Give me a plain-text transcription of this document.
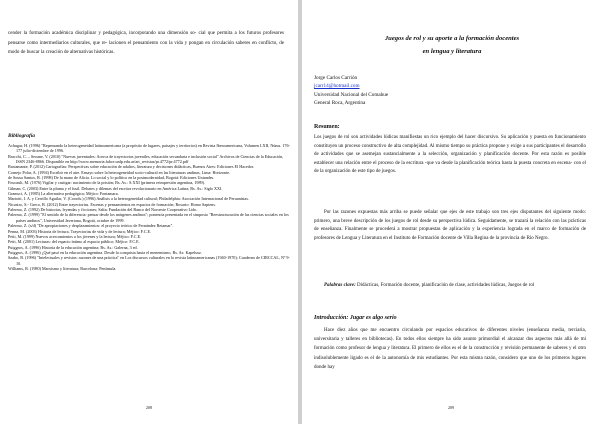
cender la formación académica disciplinar y pedagógica, incorporando una dimensión so- cial que permita a los futuros profesores pensarse como intermediarios culturales, que re- lacionen el pensamiento con la vida y pongan en circulación saberes en conflicto, de modo de buscar la creación de alternativas históricas.
Bibliografía
Achugar, H. (1996) "Repensando la heterogeneidad latinoamericana (a propósito de lugares, paisajes y territorios) en Revista Iberoamericana, Volumen LXII, Núms. 176-177 julio-diciembre de 1996.
Bracchi, C. – Seoane, V. (2010) "Nuevas juventudes: Acerca de trayectorias juveniles, educación secundaria e inclusión social" Archivos de Ciencias de la Educación, ISSN 2346-8866. Disponible en http://www.memoria.fahce.unlp.edu.ar/art_revistas/pr.4772/pr.4772.pdf
Bustamante, P. (2012) Cartografías: Perspectivas sobre educación de adultos, literatura y decisiones didácticas, Buenos Aires: Ediciones El Hacedor.
Cornejo Polar, A. (1994) Escribir en el aire. Ensayo sobre la heterogeneidad socio-cultural en las literaturas andinas, Lima: Horizonte.
de Sousa Santos, B. (1998) De la mano de Alicia. Lo social y lo político en la postmodernidad, Bogotá: Ediciones Uniandes.
Foucault, M. (1976) Vigilar y castigar: nacimiento de la prisión; Bs. As.: S.XXI (primera reimpresión argentina, 1989).
Gilman, C. (2003) Entre la pluma y el fusil. Debates y dilemas del escritor revolucionario en América Latina; Bs. As.: Siglo XXI.
Gramsci, A. (1985) La alternativa pedagógica; Méjico: Fontamara.
Mariotti, I. A. y Cerrillo Aguilar, V. (Coords.) (1996) Análisis a la heterogeneidad cultural; Philadelphia: Asociación Internacional de Peruanistas.
Nicastro, S.- Greco, B. (2012) Entre trayectorias. Escenas y pensamientos en espacios de formación; Rosario: Homo Sapiens.
Palermo, Z. (1992) De historias, leyendas y ficciones; Salta: Fundación del Banco del Noroeste Cooperativo Ltdo.
Palermo, Z. (1999) "El sentido de la diferencia: pensar desde los márgenes andinos"; ponencia presentada en el simposio "Reestructuración de las ciencias sociales en los países andinos", Universidad Javeriana, Bogotá, octubre de 1999.
Palermo, Z. (s/d) "De apropiaciones y desplazamientos: el proyecto teórico de Fernández Retamar".
Penna, M. (2003) Historia de lectura. Trayectorias de vida y de lectura; Méjico: F.C.E.
Petit, M. (1999) Nuevos acercamientos a los jóvenes y la lectura; Méjico: F.C.E.
Petit, M. (2001) Lecturas: del espacio íntimo al espacio público; Méjico: F.C.E.
Puiggros, A. (1996) Historia de la educación argentina; Bs. As.: Galerna, 3 ed.
Puiggros, A. (1996) ¿Qué pasó en la educación argentina. Desde la conquista hasta el menemismo, Bs. As: Kapelusz.
Szabo, B. (1996) "Intelectuales y revistas: razones de una práctica" en Los discursos culturales en la revista latinoamericanas (1940-1970); Cuaderno de CIRCCAL, Nº 9-10.
Williams, R. (1980) Marxismo y literatura; Barcelona: Península.
208
Juegos de rol y su aporte a la formación docentes
en lengua y literatura
Jorge Carlos Carrión
jcarr14@hotmail.com
Universidad Nacional del Comahue
General Roca, Argentina
Resumen:
Los juegos de rol son actividades lúdicas manifiestas un rico ejemplo del hacer discursivo. Su aplicación y puesta en funcionamiento constituyen un proceso constructivo de alta complejidad. Al mismo tiempo su práctica propone y exige a sus participantes el desarrollo de actividades que se asemejan sustancialmente a la selección, organización y planificación docente. Por esta razón es posible establecer una relación entre el proceso de la escritura -que va desde la planificación teórica hasta la puesta concreta en escena- con el de la organización de este tipo de juegos.
Por las razones expuestas más arriba se puede señalar que ejes de este trabajo son tres ejes disputantes del siguiente modo: primero, una breve descripción de los juegos de rol desde su perspectiva lúdica. Seguidamente, se trazará la relación con las prácticas de enseñanza. Finalmente se procederá a mostrar propuestas de aplicación y la experiencia lograda en el marco de formación de profesores de Lengua y Literatura en el Instituto de Formación docente de Villa Regina de la provincia de Río Negro.
Palabras clave: Didácticas, Formación docente, planificación de clase, actividades lúdicas, Juegos de rol
Introducción: Jugar es algo serio
Hace diez años que me encuentro circulando por espacios educativos de diferentes niveles (enseñanza media, terciaria, universitaria y talleres en bibliotecas). En todos ellos siempre ha sido asunto primordial el alcanzar dos aspectos más allá de mi formación como profesor de lengua y literatura. El primero de ellos es el de la construcción y revisión permanente de saberes y el otro indisolublemente ligado es el de la autonomía de mis estudiantes. Por esta misma razón, considero que uno de los primeros lugares donde hay
209
